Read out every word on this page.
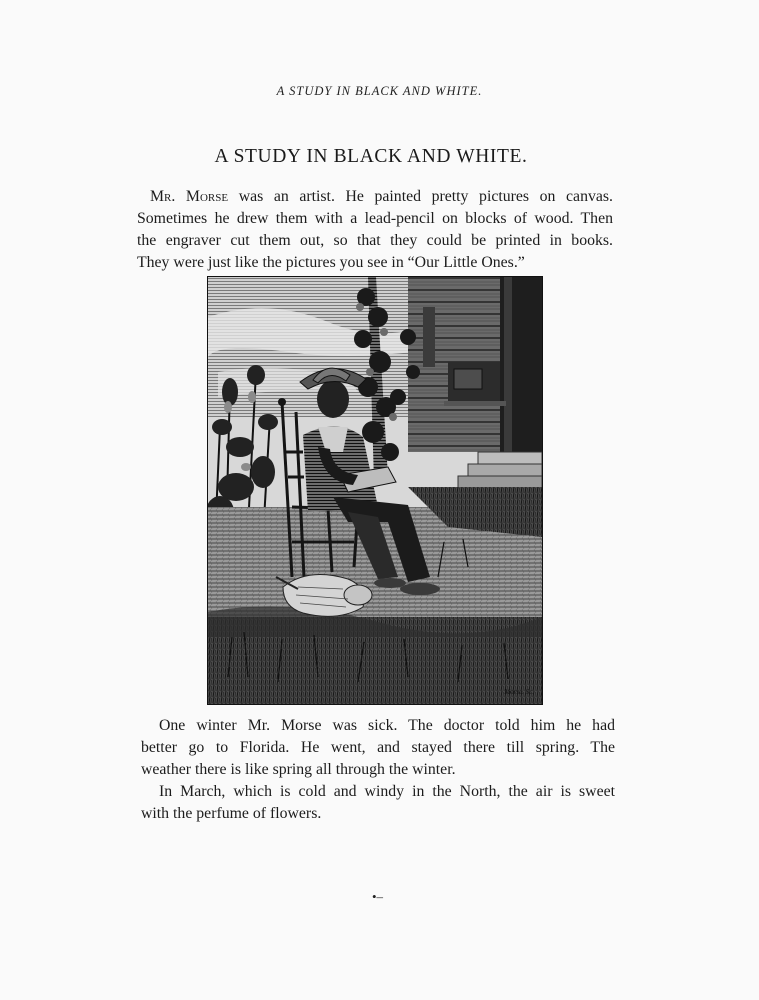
A STUDY IN BLACK AND WHITE.
A STUDY IN BLACK AND WHITE.

Mr. Morse was an artist. He painted pretty pictures on canvas.
Sometimes he drew them with a lead-pencil on blocks of wood. Then
the engraver cut them out, so that they could be printed in books.
They were just like the pictures you see in “Our Little Ones.”

Morse. Sc.

One winter Mr. Morse was sick. The doctor told him he had
better go to Florida. He went, and stayed there till spring. The
weather there is like spring all through the winter.

In March, which is cold and windy in the North, the air is sweet
with the perfume of flowers.

•‒
